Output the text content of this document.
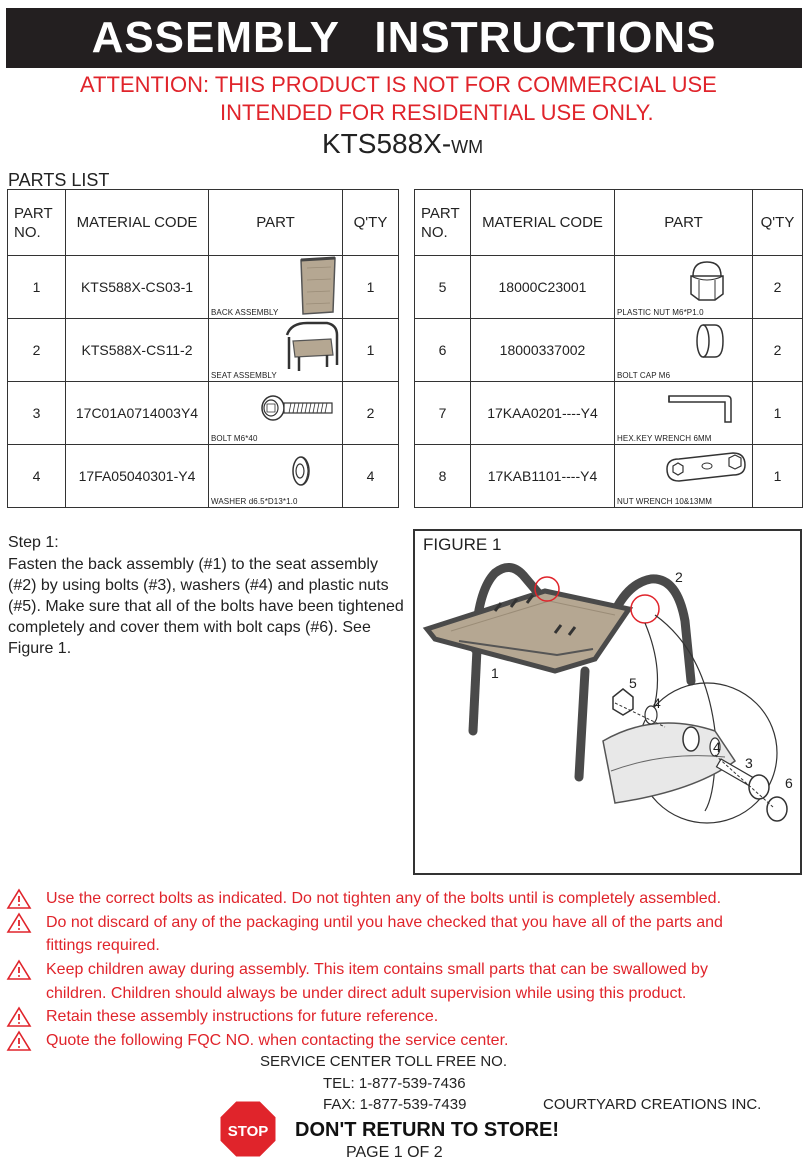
ASSEMBLY INSTRUCTIONS
ATTENTION: THIS PRODUCT IS NOT FOR COMMERCIAL USE
INTENDED FOR RESIDENTIAL USE ONLY.
KTS588X-WM
PARTS LIST
PART
NO.	MATERIAL CODE	PART	Q'TY
1	KTS588X-CS03-1	BACK ASSEMBLY	1
2	KTS588X-CS11-2	SEAT ASSEMBLY	1
3	17C01A0714003Y4	BOLT M6*40	2
4	17FA05040301-Y4	WASHER d6.5*D13*1.0	4
PART
NO.	MATERIAL CODE	PART	Q'TY
5	18000C23001	PLASTIC NUT M6*P1.0	2
6	18000337002	BOLT CAP M6	2
7	17KAA0201----Y4	HEX.KEY WRENCH 6MM	1
8	17KAB1101----Y4	NUT WRENCH 10&13MM	1
Step 1:
Fasten the back assembly (#1) to the seat assembly (#2) by using bolts (#3), washers (#4) and plastic nuts (#5). Make sure that all of the bolts have been tightened completely and cover them with bolt caps (#6). See Figure 1.
FIGURE 1
1
2
3
4
4
5
6
Use the correct bolts as indicated. Do not tighten any of the bolts until is completely assembled.
Do not discard of any of the packaging until you have checked that you have all of the parts and
fittings required.
Keep children away during assembly. This item contains small parts that can be swallowed by
children. Children should always be under direct adult supervision while using this product.
Retain these assembly instructions for future reference.
Quote the following FQC NO. when contacting the service center.
SERVICE CENTER TOLL FREE NO.
TEL: 1-877-539-7436
FAX: 1-877-539-7439	COURTYARD CREATIONS INC.
STOP DON'T RETURN TO STORE!
PAGE 1 OF 2
